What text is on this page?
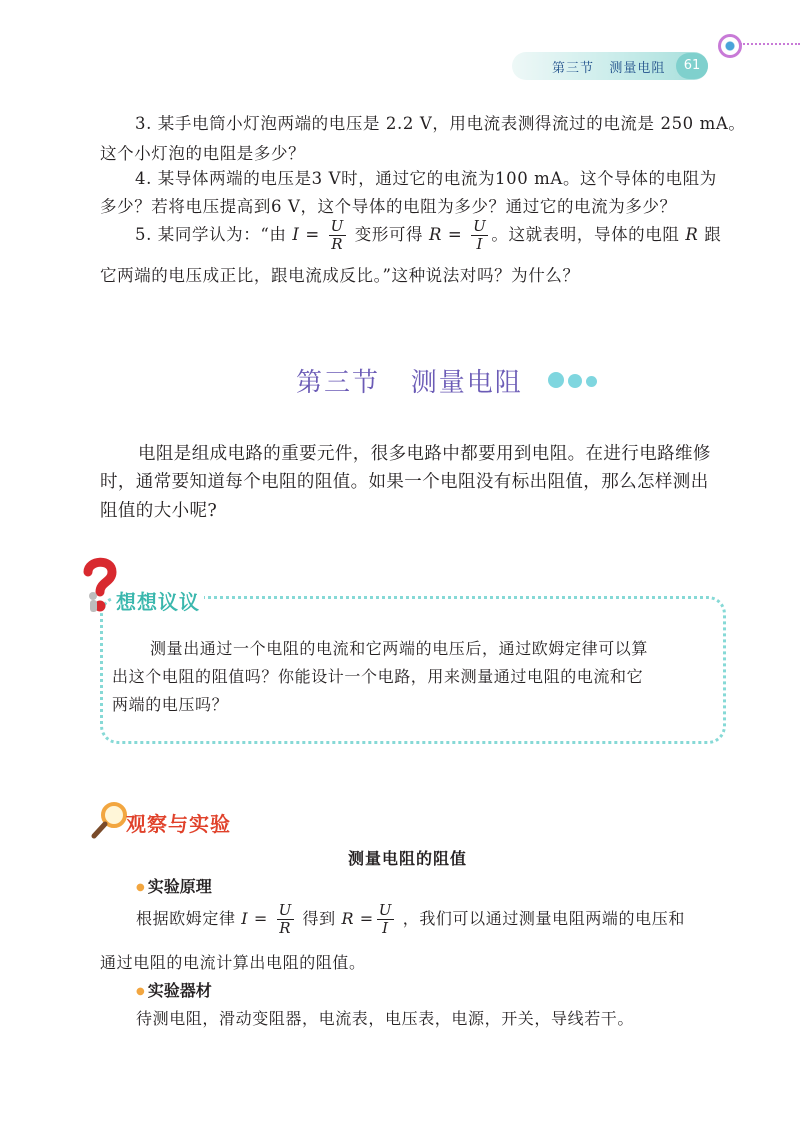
第三节   测量电阻	61
3. 某手电筒小灯泡两端的电压是 2.2 V，用电流表测得流过的电流是 250 mA。
这个小灯泡的电阻是多少？
4. 某导体两端的电压是3 V时，通过它的电流为100 mA。这个导体的电阻为
多少？若将电压提高到6 V，这个导体的电阻为多少？通过它的电流为多少？
5. 某同学认为：“由 $I = \frac{U}{R}$ 变形可得 $R = \frac{U}{I}$ 。这就表明，导体的电阻 R 跟
它两端的电压成正比，跟电流成反比。”这种说法对吗？为什么？
第三节   测量电阻
电阻是组成电路的重要元件，很多电路中都要用到电阻。在进行电路维修
时，通常要知道每个电阻的阻值。如果一个电阻没有标出阻值，那么怎样测出
阻值的大小呢?
想想议议
测量出通过一个电阻的电流和它两端的电压后，通过欧姆定律可以算
出这个电阻的阻值吗？你能设计一个电路，用来测量通过电阻的电流和它
两端的电压吗？
观察与实验
测量电阻的阻值
● 实验原理
根据欧姆定律 $I = \frac{U}{R}$ 得到 $R = \frac{U}{I}$ ，我们可以通过测量电阻两端的电压和
通过电阻的电流计算出电阻的阻值。
● 实验器材
待测电阻，滑动变阻器，电流表，电压表，电源，开关，导线若干。
